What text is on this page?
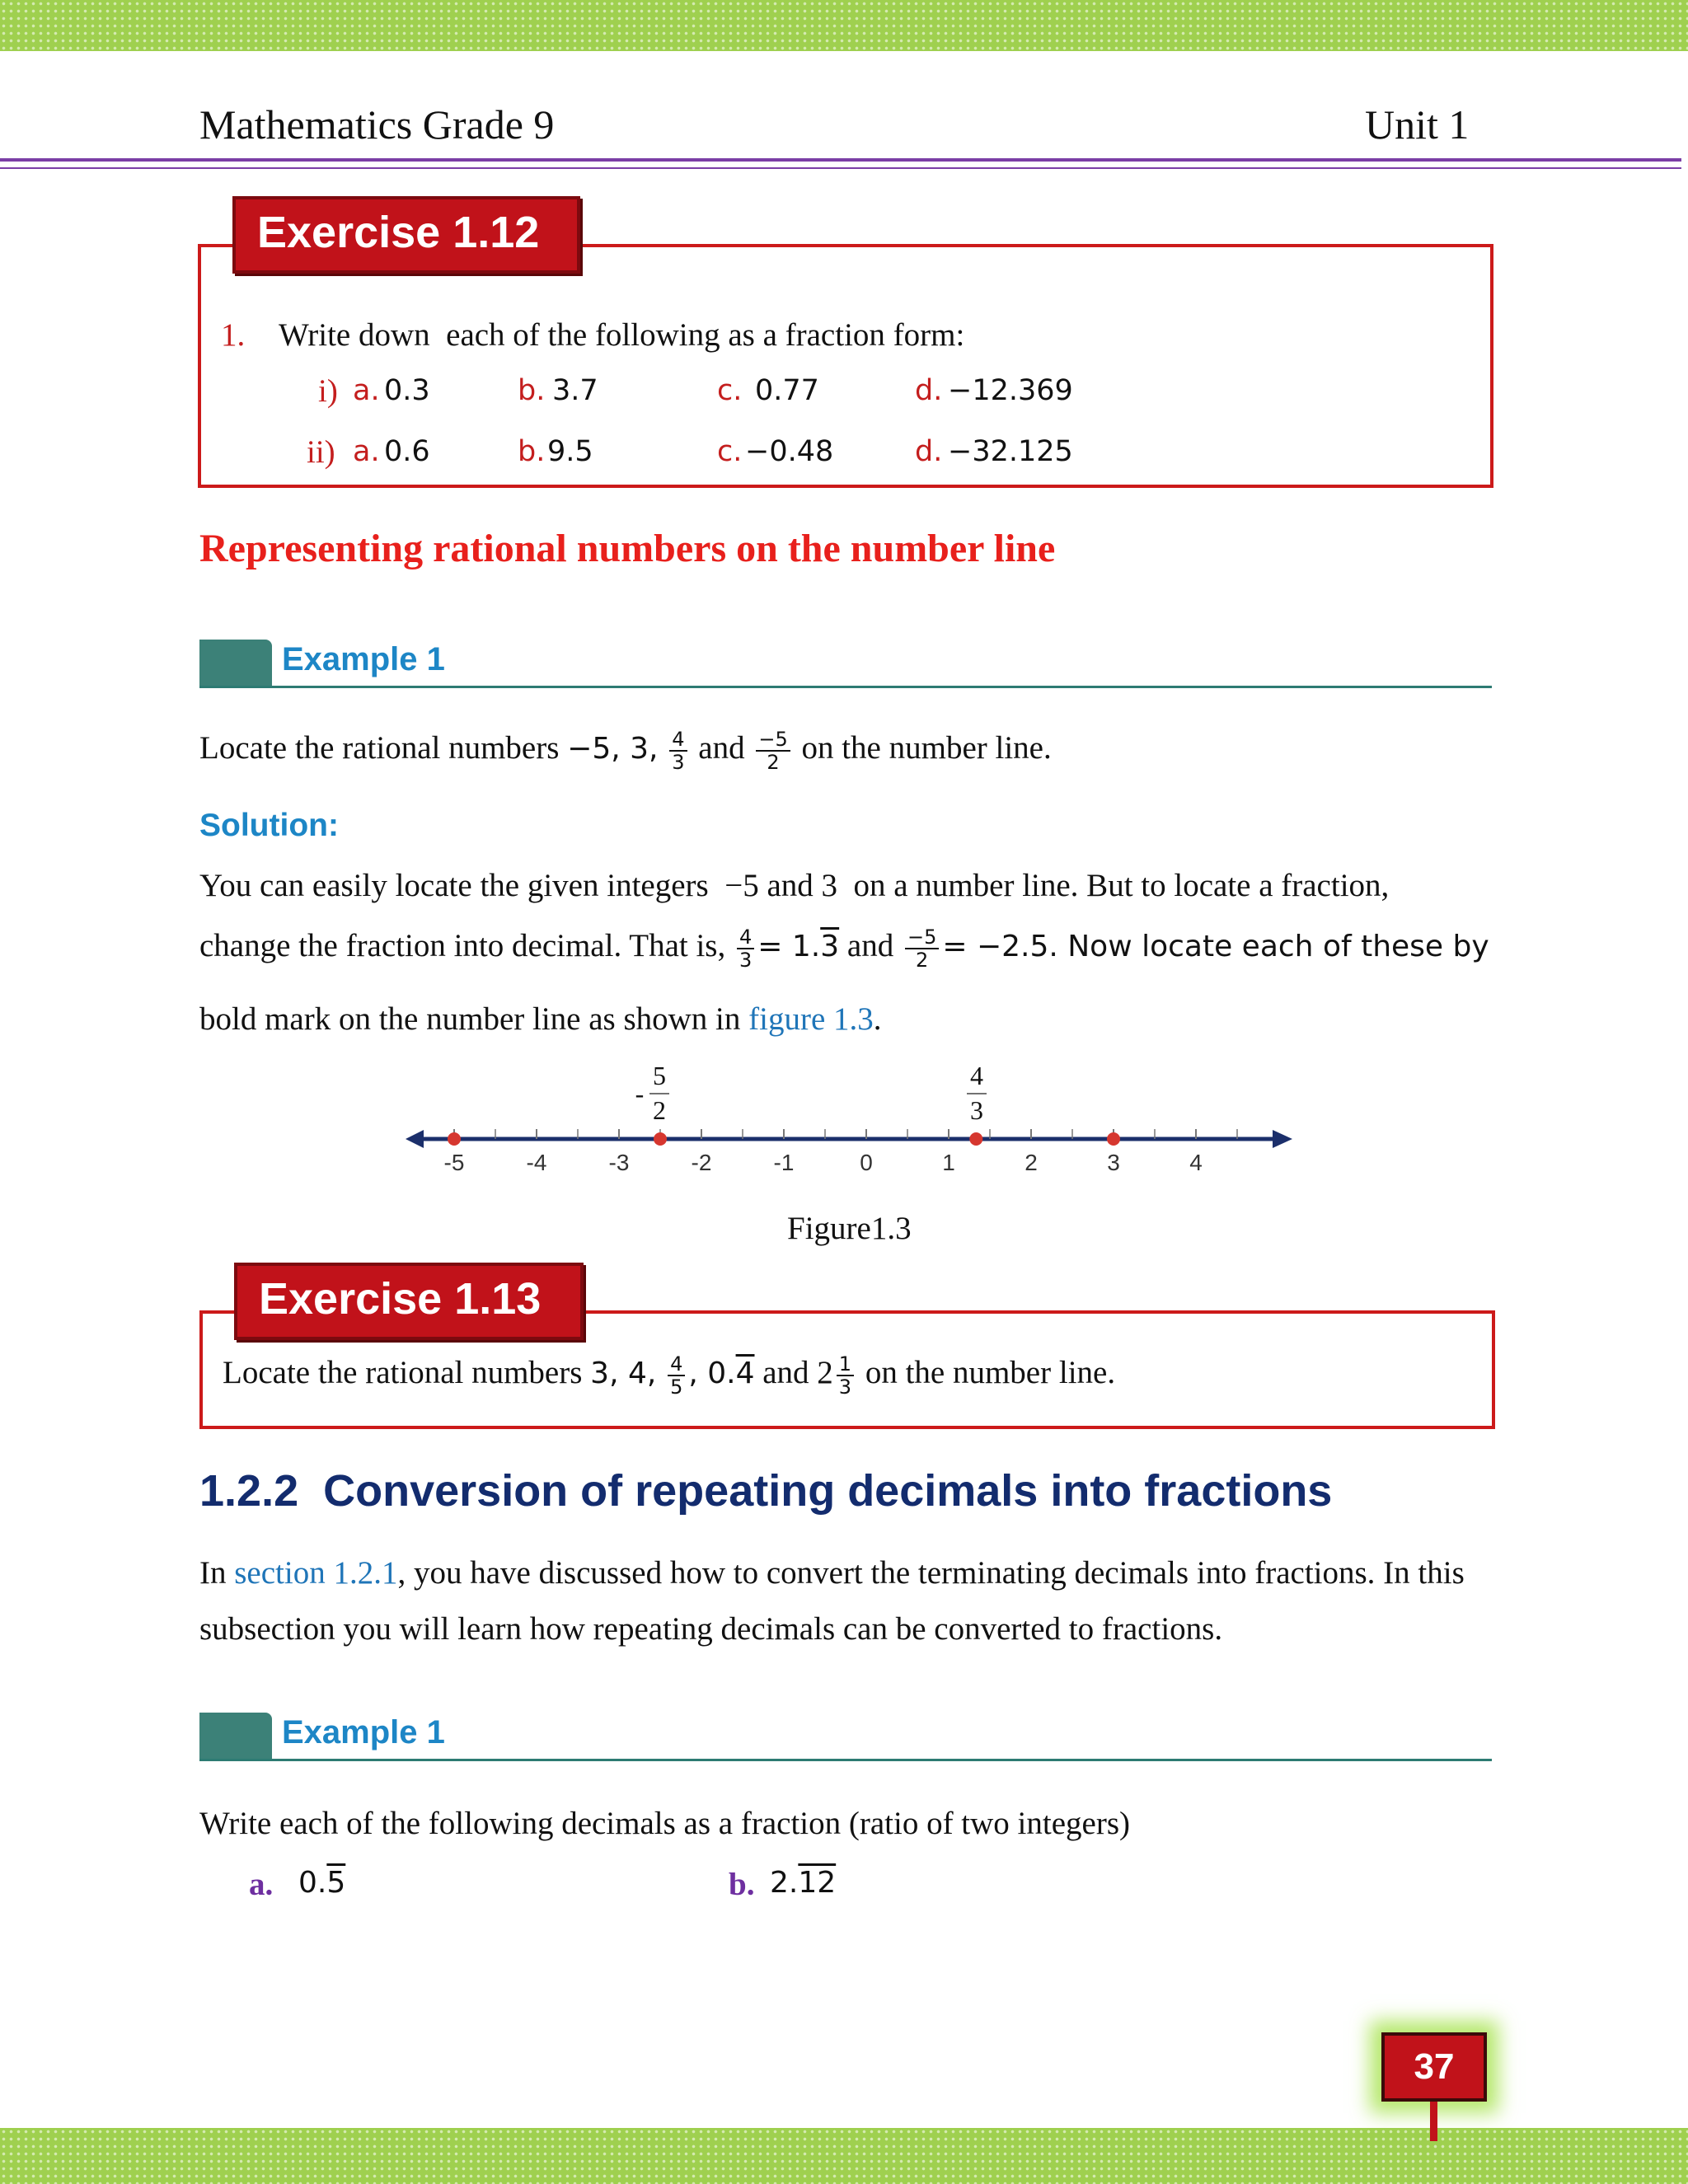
Mathematics Grade 9	Unit 1
Exercise 1.12
1. Write down  each of the following as a fraction form:
i) a. 0.3	b. 3.7	c. 0.77	d. −12.369
ii) a. 0.6	b. 9.5	c. −0.48	d. −32.125
Representing rational numbers on the number line
Example 1
Locate the rational numbers −5, 3, $\frac{4}{3}$ and $\frac{-5}{2}$ on the number line.
Solution:
You can easily locate the given integers  −5 and 3  on a number line. But to locate a fraction,
change the fraction into decimal. That is, $\frac{4}{3} = 1.3$ and $\frac{-5}{2} = -2.5$. Now locate each of these by
bold mark on the number line as shown in figure 1.3.
-5	-4	-3	-2	-1	0	1	2	3	4
5
2
-
4
3
Figure1.3
Exercise 1.13
Locate the rational numbers 3, 4, $\frac{4}{5}$ , 0.4 and $2 \frac{1}{3}$ on the number line.
1.2.2  Conversion of repeating decimals into fractions
In section 1.2.1, you have discussed how to convert the terminating decimals into fractions. In this
subsection you will learn how repeating decimals can be converted to fractions.
Example 1
Write each of the following decimals as a fraction (ratio of two integers)
a. 0.5	b. 2.12
37
